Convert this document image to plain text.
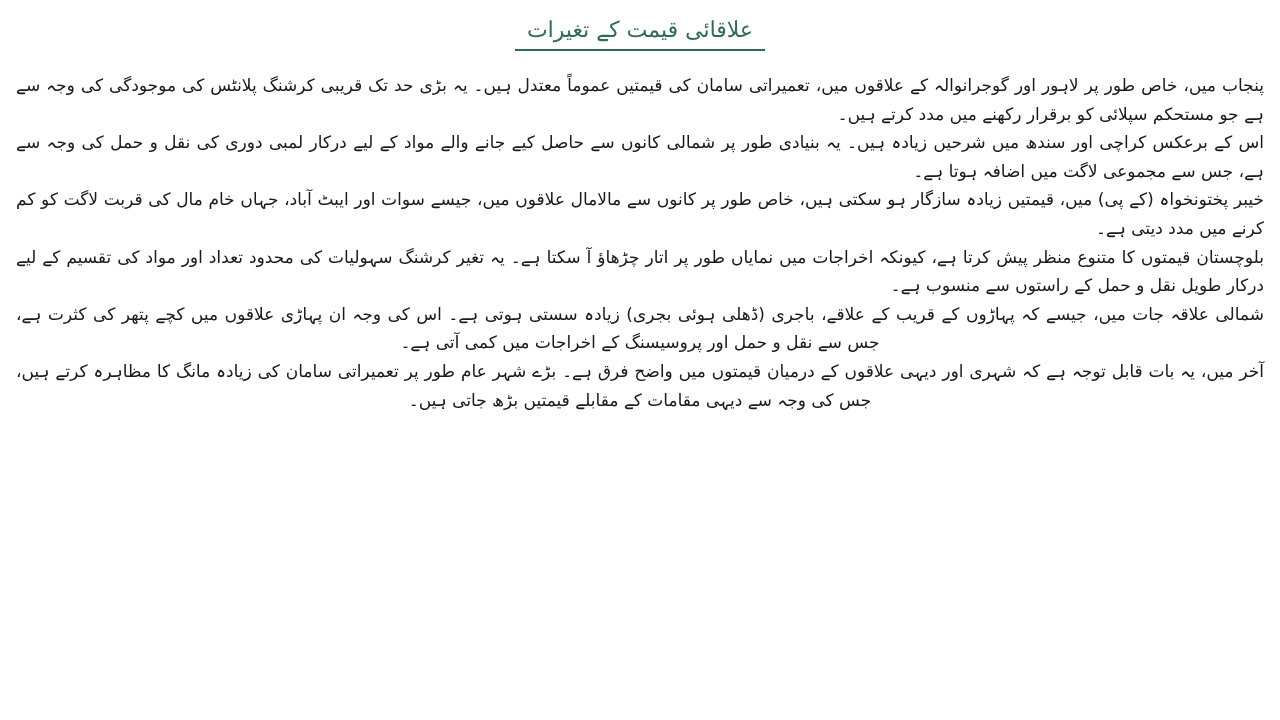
علاقائی قیمت کے تغیرات

پنجاب میں، خاص طور پر لاہور اور گوجرانوالہ کے علاقوں میں، تعمیراتی سامان کی قیمتیں عموماً معتدل ہیں۔ یہ بڑی حد تک قریبی کرشنگ پلانٹس کی موجودگی کی وجہ سے ہے جو مستحکم سپلائی کو برقرار رکھنے میں مدد کرتے ہیں۔

اس کے برعکس کراچی اور سندھ میں شرحیں زیادہ ہیں۔ یہ بنیادی طور پر شمالی کانوں سے حاصل کیے جانے والے مواد کے لیے درکار لمبی دوری کی نقل و حمل کی وجہ سے ہے، جس سے مجموعی لاگت میں اضافہ ہوتا ہے۔

خیبر پختونخواہ (کے پی) میں، قیمتیں زیادہ سازگار ہو سکتی ہیں، خاص طور پر کانوں سے مالامال علاقوں میں، جیسے سوات اور ایبٹ آباد، جہاں خام مال کی قربت لاگت کو کم کرنے میں مدد دیتی ہے۔

بلوچستان قیمتوں کا متنوع منظر پیش کرتا ہے، کیونکہ اخراجات میں نمایاں طور پر اتار چڑھاؤ آ سکتا ہے۔ یہ تغیر کرشنگ سہولیات کی محدود تعداد اور مواد کی تقسیم کے لیے درکار طویل نقل و حمل کے راستوں سے منسوب ہے۔

شمالی علاقہ جات میں، جیسے کہ پہاڑوں کے قریب کے علاقے، باجری (ڈھلی ہوئی بجری) زیادہ سستی ہوتی ہے۔ اس کی وجہ ان پہاڑی علاقوں میں کچے پتھر کی کثرت ہے، جس سے نقل و حمل اور پروسیسنگ کے اخراجات میں کمی آتی ہے۔

آخر میں، یہ بات قابل توجہ ہے کہ شہری اور دیہی علاقوں کے درمیان قیمتوں میں واضح فرق ہے۔ بڑے شہر عام طور پر تعمیراتی سامان کی زیادہ مانگ کا مظاہرہ کرتے ہیں، جس کی وجہ سے دیہی مقامات کے مقابلے قیمتیں بڑھ جاتی ہیں۔
